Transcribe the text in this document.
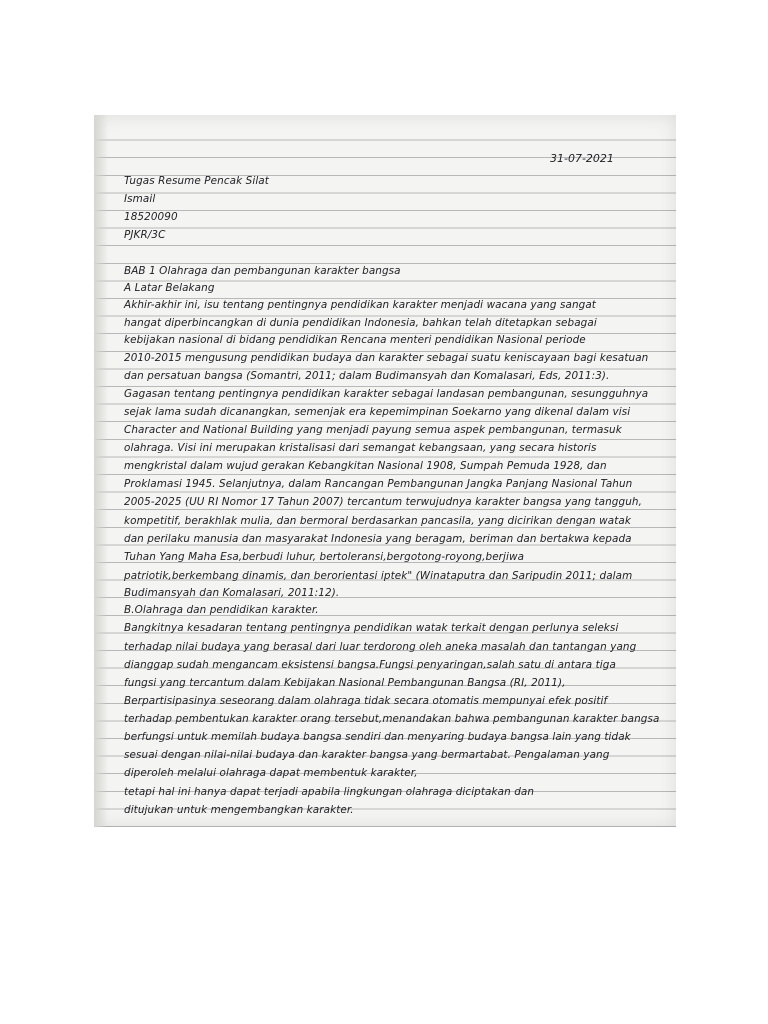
31-07-2021
Tugas Resume Pencak Silat
Ismail
18520090
PJKR/3C
BAB 1 Olahraga dan pembangunan karakter bangsa
A Latar Belakang
Akhir-akhir ini, isu tentang pentingnya pendidikan karakter menjadi wacana yang sangat
hangat diperbincangkan di dunia pendidikan Indonesia, bahkan telah ditetapkan sebagai
kebijakan nasional di bidang pendidikan Rencana menteri pendidikan Nasional periode
2010-2015 mengusung pendidikan budaya dan karakter sebagai suatu keniscayaan bagi kesatuan
dan persatuan bangsa (Somantri, 2011; dalam Budimansyah dan Komalasari, Eds, 2011:3).
Gagasan tentang pentingnya pendidikan karakter sebagai landasan pembangunan, sesungguhnya
sejak lama sudah dicanangkan, semenjak era kepemimpinan Soekarno yang dikenal dalam visi
Character and National Building yang menjadi payung semua aspek pembangunan, termasuk
olahraga. Visi ini merupakan kristalisasi dari semangat kebangsaan, yang secara historis
mengkristal dalam wujud gerakan Kebangkitan Nasional 1908, Sumpah Pemuda 1928, dan
Proklamasi 1945. Selanjutnya, dalam Rancangan Pembangunan Jangka Panjang Nasional Tahun
2005-2025 (UU RI Nomor 17 Tahun 2007) tercantum terwujudnya karakter bangsa yang tangguh,
kompetitif, berakhlak mulia, dan bermoral berdasarkan pancasila, yang dicirikan dengan watak
dan perilaku manusia dan masyarakat Indonesia yang beragam, beriman dan bertakwa kepada
Tuhan Yang Maha Esa,berbudi luhur, bertoleransi,bergotong-royong,berjiwa
patriotik,berkembang dinamis, dan berorientasi iptek" (Winataputra dan Saripudin 2011; dalam
Budimansyah dan Komalasari, 2011:12).
B.Olahraga dan pendidikan karakter.
Bangkitnya kesadaran tentang pentingnya pendidikan watak terkait dengan perlunya seleksi
terhadap nilai budaya yang berasal dari luar terdorong oleh aneka masalah dan tantangan yang
dianggap sudah mengancam eksistensi bangsa.Fungsi penyaringan,salah satu di antara tiga
fungsi yang tercantum dalam Kebijakan Nasional Pembangunan Bangsa (RI, 2011),
Berpartisipasinya seseorang dalam olahraga tidak secara otomatis mempunyai efek positif
terhadap pembentukan karakter orang tersebut,menandakan bahwa pembangunan karakter bangsa
berfungsi untuk memilah budaya bangsa sendiri dan menyaring budaya bangsa lain yang tidak
sesuai dengan nilai-nilai budaya dan karakter bangsa yang bermartabat. Pengalaman yang
diperoleh melalui olahraga dapat membentuk karakter,
tetapi hal ini hanya dapat terjadi apabila lingkungan olahraga diciptakan dan
ditujukan untuk mengembangkan karakter.
